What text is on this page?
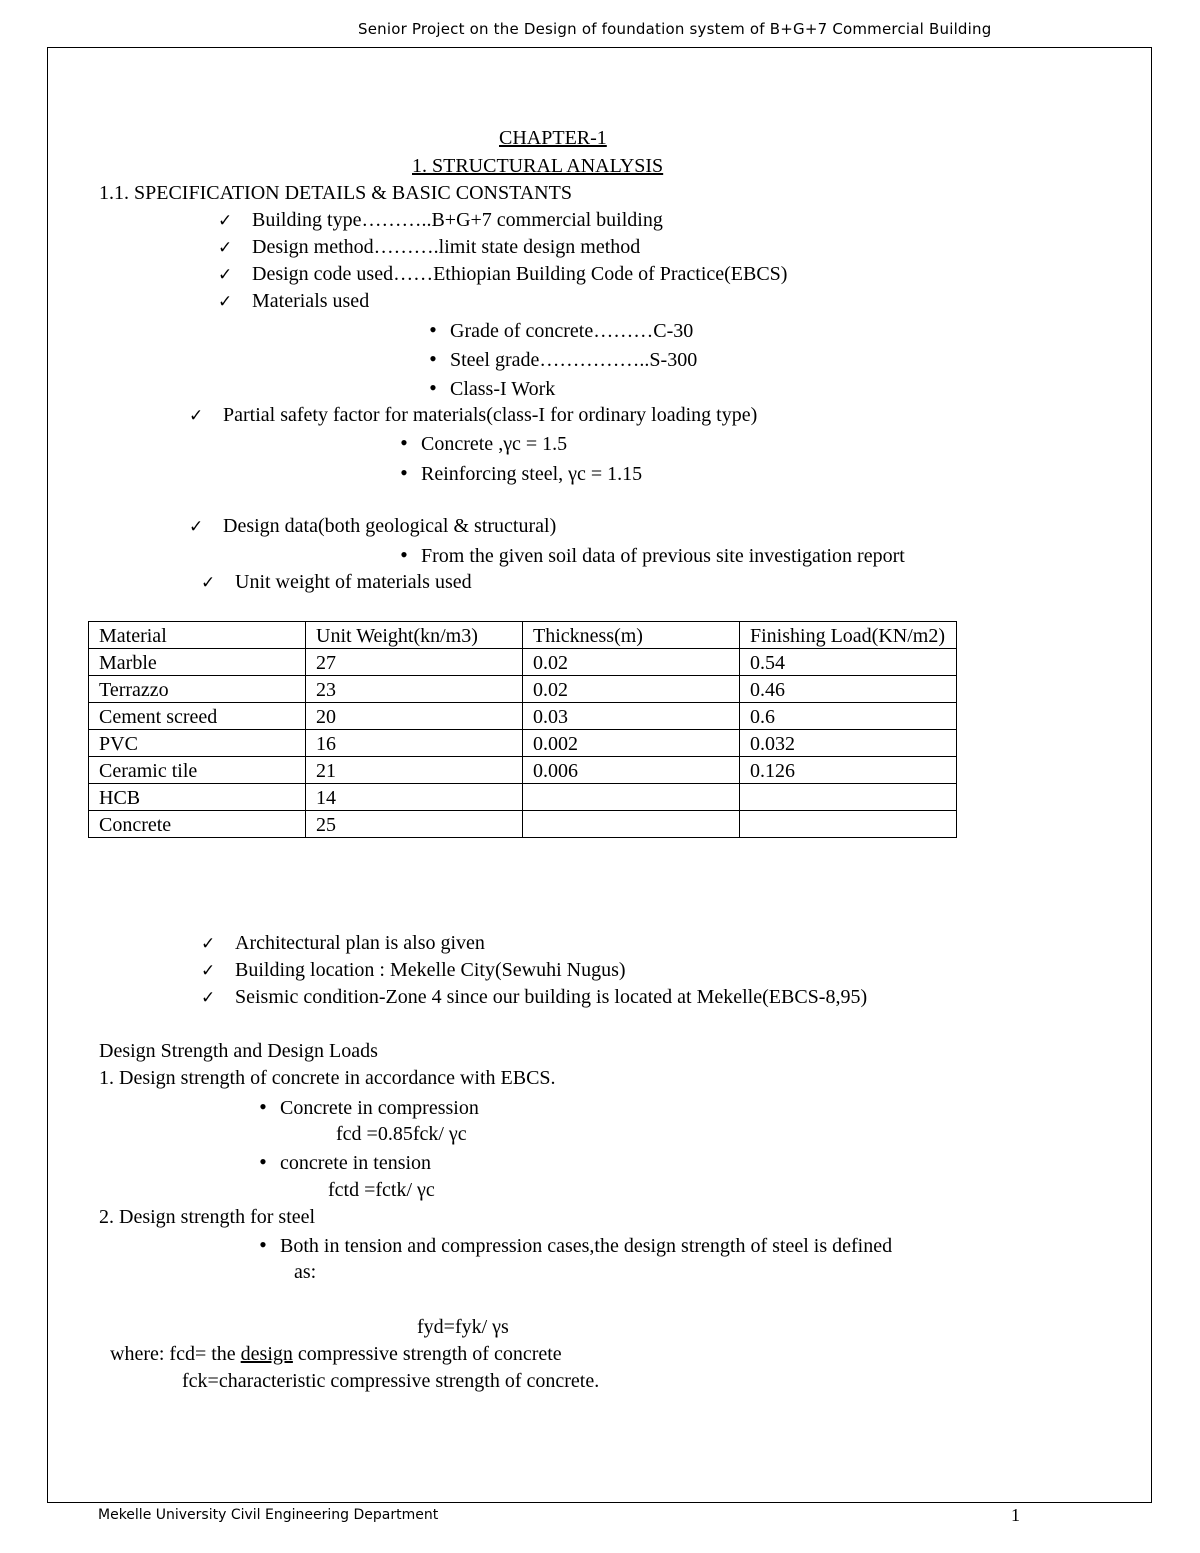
Senior Project on the Design of foundation system of B+G+7 Commercial Building
CHAPTER-1
1. STRUCTURAL ANALYSIS
1.1. SPECIFICATION DETAILS & BASIC CONSTANTS
✓ Building type………..B+G+7 commercial building
✓ Design method……….limit state design method
✓ Design code used……Ethiopian Building Code of Practice(EBCS)
✓ Materials used
• Grade of concrete………C-30
• Steel grade……………..S-300
• Class-I Work
✓ Partial safety factor for materials(class-I for ordinary loading type)
• Concrete ,γc = 1.5
• Reinforcing steel, γc = 1.15
✓ Design data(both geological & structural)
• From the given soil data of previous site investigation report
✓ Unit weight of materials used
Material	Unit Weight(kn/m3)	Thickness(m)	Finishing Load(KN/m2)
Marble	27	0.02	0.54
Terrazzo	23	0.02	0.46
Cement screed	20	0.03	0.6
PVC	16	0.002	0.032
Ceramic tile	21	0.006	0.126
HCB	14		
Concrete	25		
✓ Architectural plan is also given
✓ Building location : Mekelle City(Sewuhi Nugus)
✓ Seismic condition-Zone 4 since our building is located at Mekelle(EBCS-8,95)
Design Strength and Design Loads
1. Design strength of concrete in accordance with EBCS.
• Concrete in compression
fcd =0.85fck/ γc
• concrete in tension
fctd =fctk/ γc
2. Design strength for steel
• Both in tension and compression cases,the design strength of steel is defined
as:
fyd=fyk/ γs
where: fcd= the design compressive strength of concrete
fck=characteristic compressive strength of concrete.
Mekelle University Civil Engineering Department	1
